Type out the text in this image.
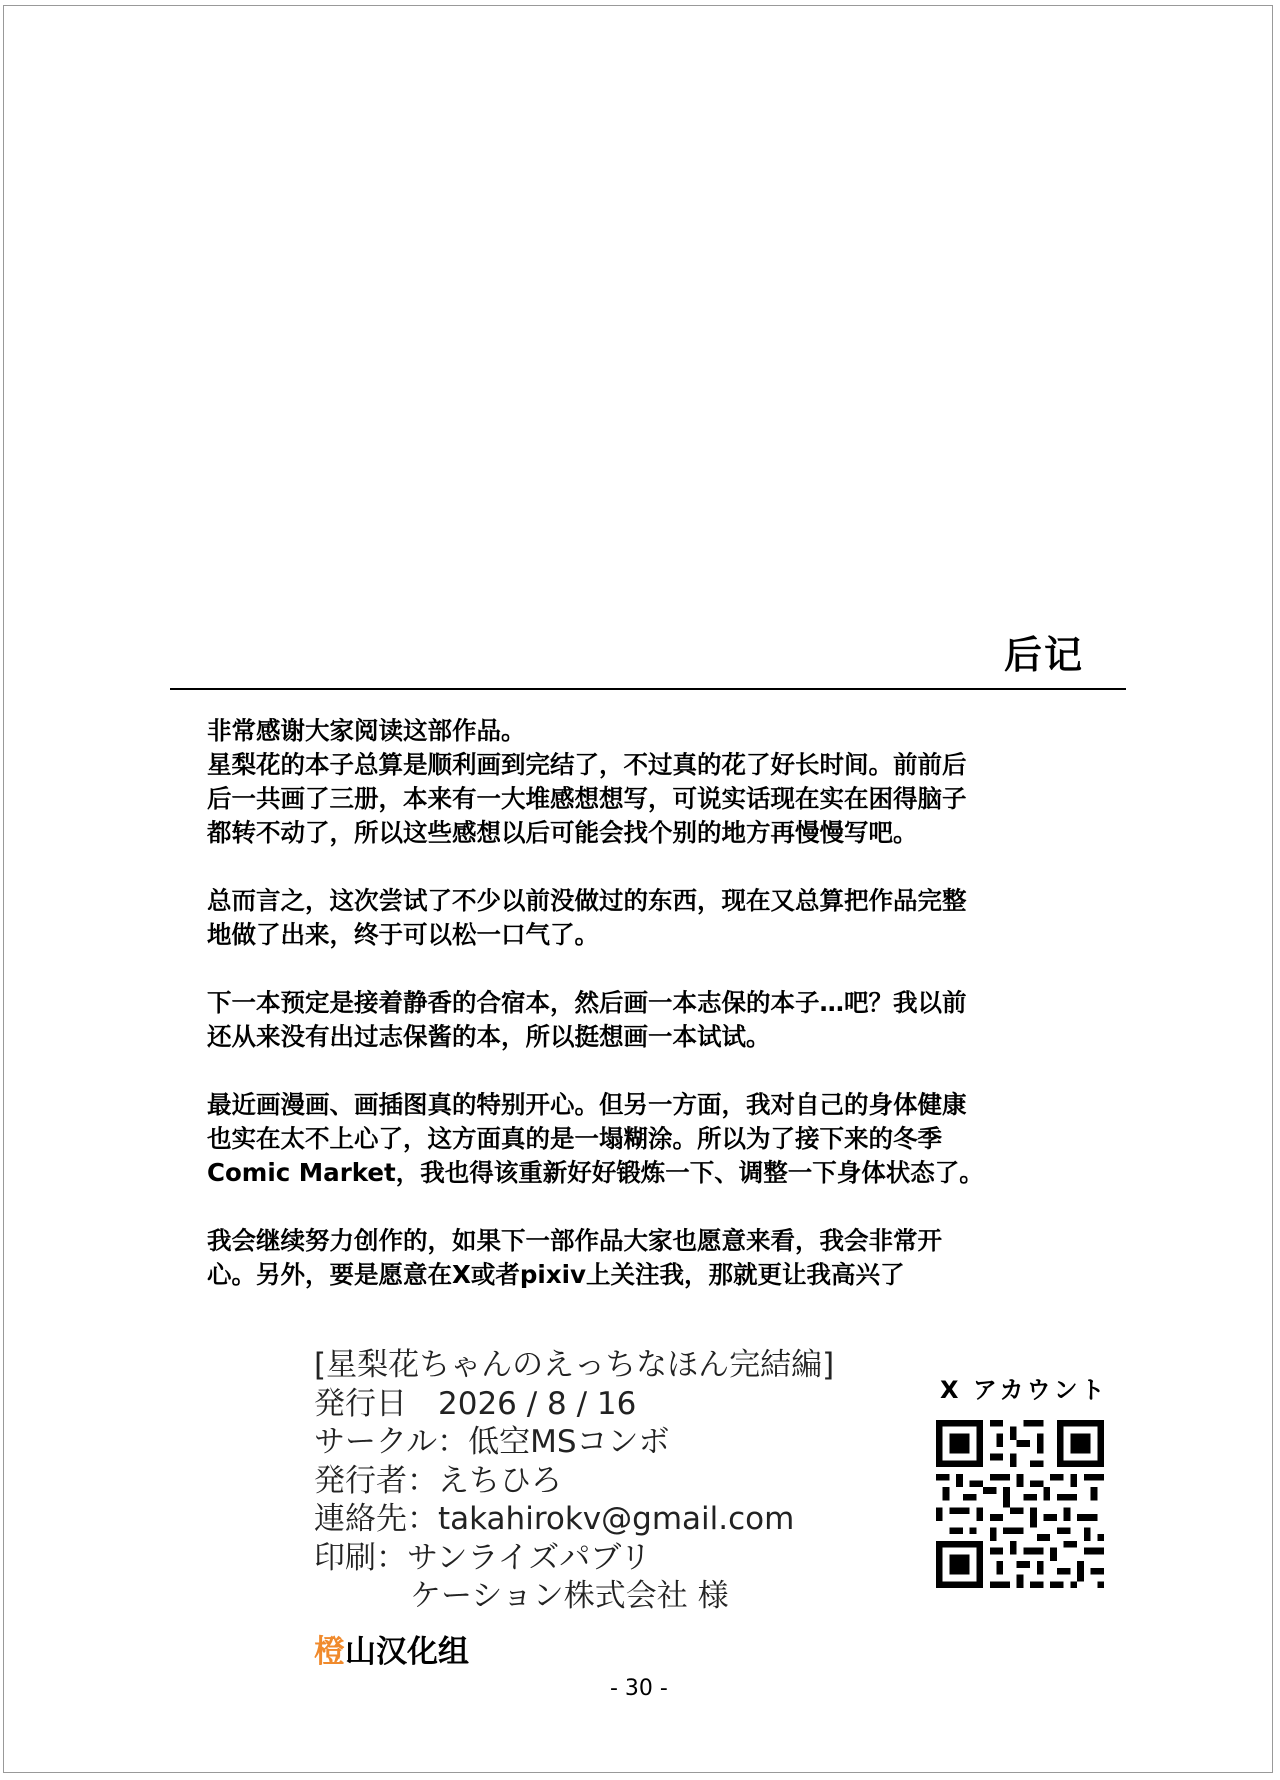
后记

非常感谢大家阅读这部作品。
星梨花的本子总算是顺利画到完结了，不过真的花了好长时间。前前后
后一共画了三册，本来有一大堆感想想写，可说实话现在实在困得脑子
都转不动了，所以这些感想以后可能会找个别的地方再慢慢写吧。

总而言之，这次尝试了不少以前没做过的东西，现在又总算把作品完整
地做了出来，终于可以松一口气了。

下一本预定是接着静香的合宿本，然后画一本志保的本子…吧？我以前
还从来没有出过志保酱的本，所以挺想画一本试试。

最近画漫画、画插图真的特别开心。但另一方面，我对自己的身体健康
也实在太不上心了，这方面真的是一塌糊涂。所以为了接下来的冬季
Comic Market，我也得该重新好好锻炼一下、调整一下身体状态了。

我会继续努力创作的，如果下一部作品大家也愿意来看，我会非常开
心。另外，要是愿意在X或者pixiv上关注我，那就更让我高兴了

[星梨花ちゃんのえっちなほん完結編]
発行日　2026 / 8 / 16
サークル：低空MSコンボ
発行者：えちひろ
連絡先：takahirokv@gmail.com
印刷：サンライズパブリ
ケーション株式会社 様
X アカウント
橙山汉化组
- 30 -
